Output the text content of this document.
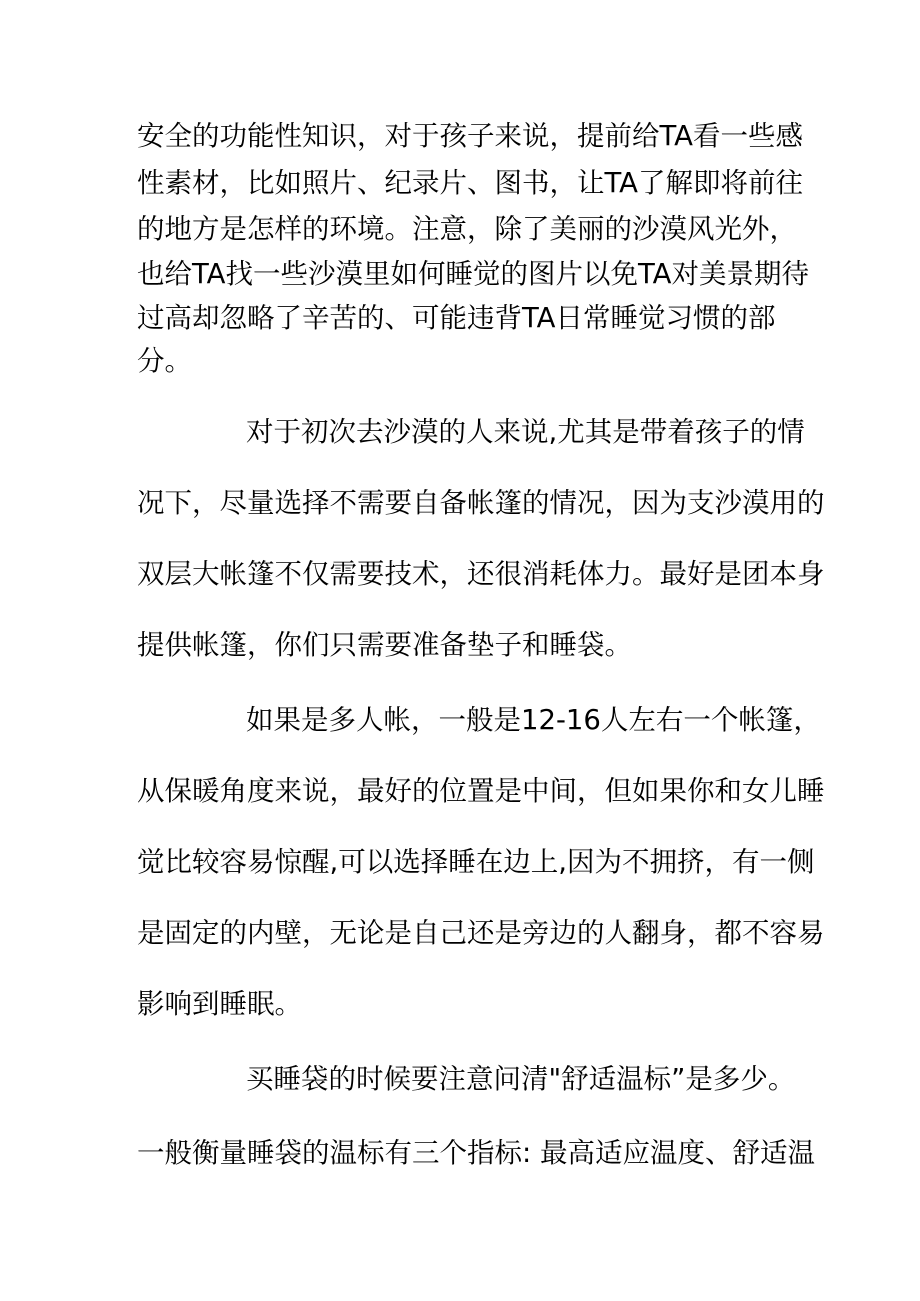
安全的功能性知识，对于孩子来说，提前给TA看一些感
性素材，比如照片、纪录片、图书，让TA了解即将前往
的地方是怎样的环境。注意，除了美丽的沙漠风光外，
也给TA找一些沙漠里如何睡觉的图片以免TA对美景期待
过高却忽略了辛苦的、可能违背TA日常睡觉习惯的部
分。
对于初次去沙漠的人来说,尤其是带着孩子的情
况下，尽量选择不需要自备帐篷的情况，因为支沙漠用的
双层大帐篷不仅需要技术，还很消耗体力。最好是团本身
提供帐篷，你们只需要准备垫子和睡袋。
如果是多人帐，一般是12-16人左右一个帐篷，
从保暖角度来说，最好的位置是中间，但如果你和女儿睡
觉比较容易惊醒,可以选择睡在边上,因为不拥挤，有一侧
是固定的内壁，无论是自己还是旁边的人翻身，都不容易
影响到睡眠。
买睡袋的时候要注意问清"舒适温标”是多少。
一般衡量睡袋的温标有三个指标: 最高适应温度、舒适温
